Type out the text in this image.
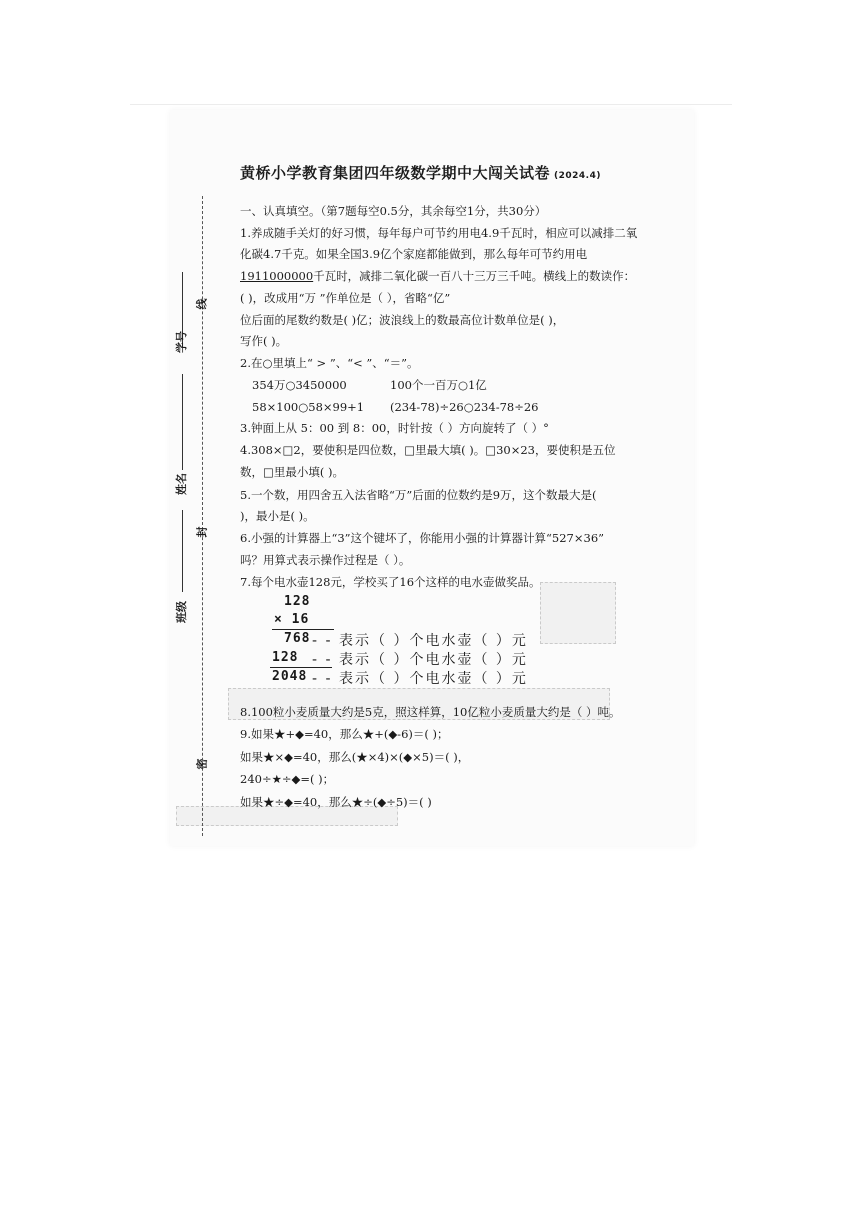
学号
姓名
班级
线
封
密
黄桥小学教育集团四年级数学期中大闯关试卷 (2024.4)
一、认真填空。（第7题每空0.5分，其余每空1分，共30分）
1.养成随手关灯的好习惯，每年每户可节约用电4.9千瓦时，相应可以减排二氧
化碳4.7千克。如果全国3.9亿个家庭都能做到，那么每年可节约用电
1911000000千瓦时，减排二氧化碳一百八十三万三千吨。横线上的数读作：
( )，改成用“万 ”作单位是（ ），省略“亿”
位后面的尾数约数是( )亿；波浪线上的数最高位计数单位是( )，
写作( )。
2.在○里填上“ > ”、“< ”、“＝”。
354万○3450000	100个一百万○1亿
58×100○58×99+1 (234-78)÷26○234-78÷26
3.钟面上从 5：00 到 8：00，时针按（ ）方向旋转了（ ）°
4.308×□2，要使积是四位数，□里最大填( )。□30×23，要使积是五位
数，□里最小填( )。
5.一个数，用四舍五入法省略“万”后面的位数约是9万，这个数最大是(
)，最小是( )。
6.小强的计算器上“3”这个键坏了，你能用小强的计算器计算“527×36”
吗？用算式表示操作过程是（ ）。
7.每个电水壶128元，学校买了16个这样的电水壶做奖品。
128
× 16
768
128
2048
- - 表示（ ）个电水壶（ ）元
- - 表示（ ）个电水壶（ ）元
- - 表示（ ）个电水壶（ ）元
8.100粒小麦质量大约是5克，照这样算，10亿粒小麦质量大约是（ ）吨。
9.如果★+◆=40，那么★+(◆-6)＝( )；
如果★×◆=40，那么(★×4)×(◆×5)＝( )，
240÷★÷◆=( )；
如果★÷◆=40，那么★÷(◆÷5)＝( )
